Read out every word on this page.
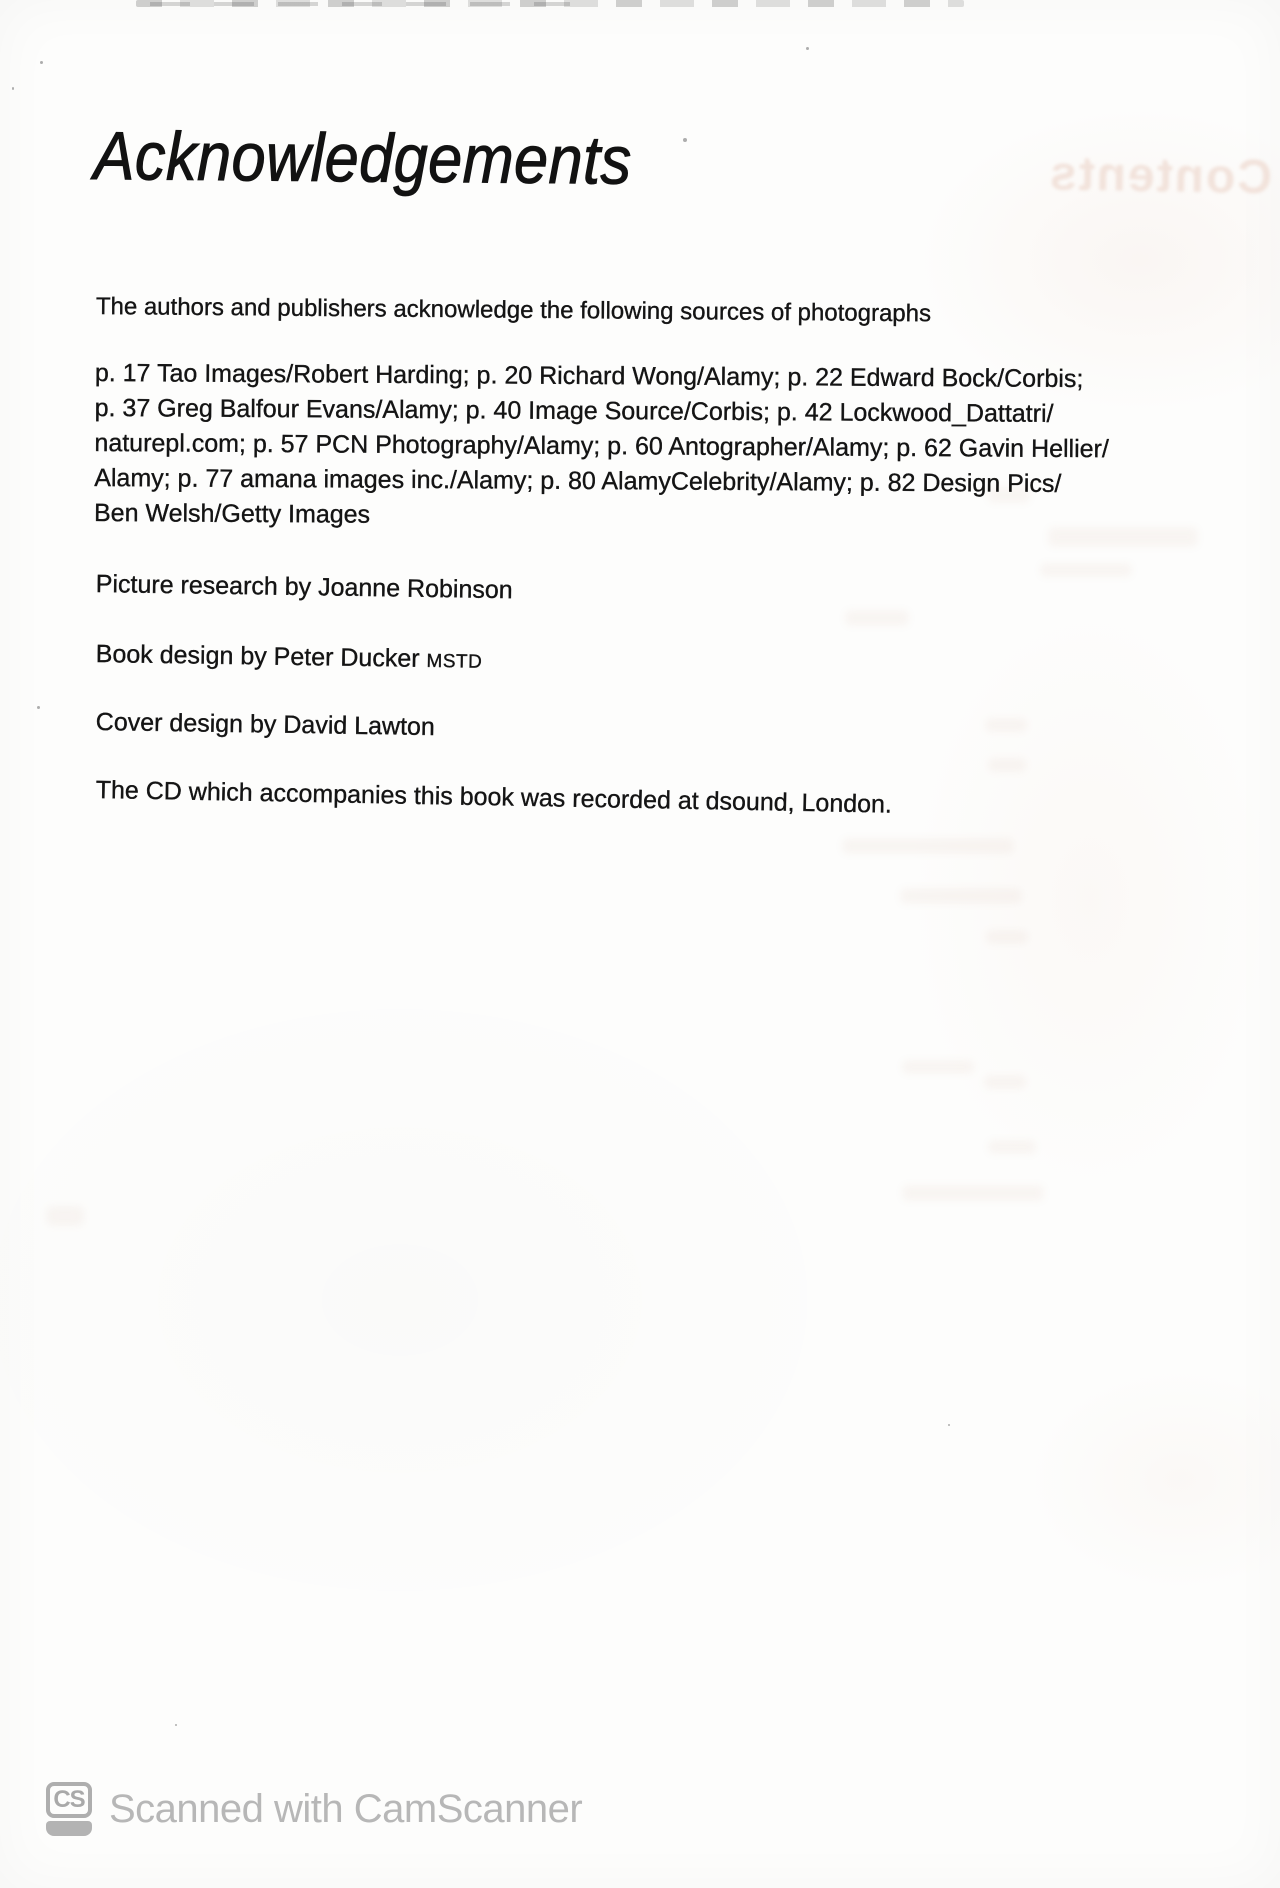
Contents
Acknowledgements
The authors and publishers acknowledge the following sources of photographs
p. 17 Tao Images/Robert Harding; p. 20 Richard Wong/Alamy; p. 22 Edward Bock/Corbis;
p. 37 Greg Balfour Evans/Alamy; p. 40 Image Source/Corbis; p. 42 Lockwood_Dattatri/
naturepl.com; p. 57 PCN Photography/Alamy; p. 60 Antographer/Alamy; p. 62 Gavin Hellier/
Alamy; p. 77 amana images inc./Alamy; p. 80 AlamyCelebrity/Alamy; p. 82 Design Pics/
Ben Welsh/Getty Images
Picture research by Joanne Robinson
Book design by Peter Ducker MSTD
Cover design by David Lawton
The CD which accompanies this book was recorded at dsound, London.
CS Scanned with CamScanner
